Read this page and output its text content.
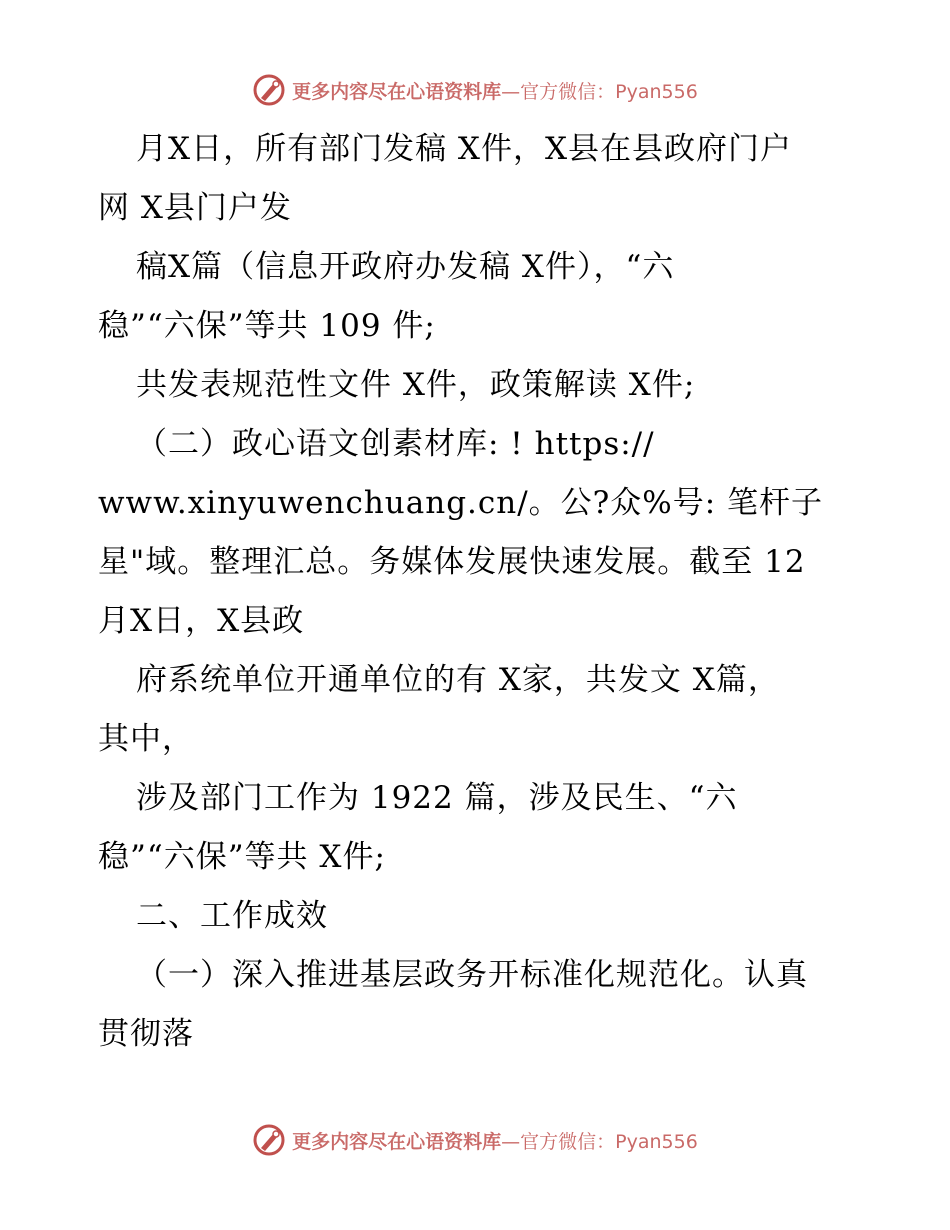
更多内容尽在心语资料库—官方微信：Pyan556
月X日，所有部门发稿 X件，X县在县政府门户
网 X县门户发
稿X篇（信息开政府办发稿 X件），“六
稳”“六保”等共 109 件;
共发表规范性文件 X件，政策解读 X件;
（二）政心语文创素材库: ! https://
www.xinyuwenchuang.cn/。公?众%号: 笔杆子
星"域。整理汇总。务媒体发展快速发展。截至 12
月X日，X县政
府系统单位开通单位的有 X家，共发文 X篇，
其中，
涉及部门工作为 1922 篇，涉及民生、“六
稳”“六保”等共 X件;
二、工作成效
（一）深入推进基层政务开标准化规范化。认真
贯彻落
更多内容尽在心语资料库—官方微信：Pyan556
